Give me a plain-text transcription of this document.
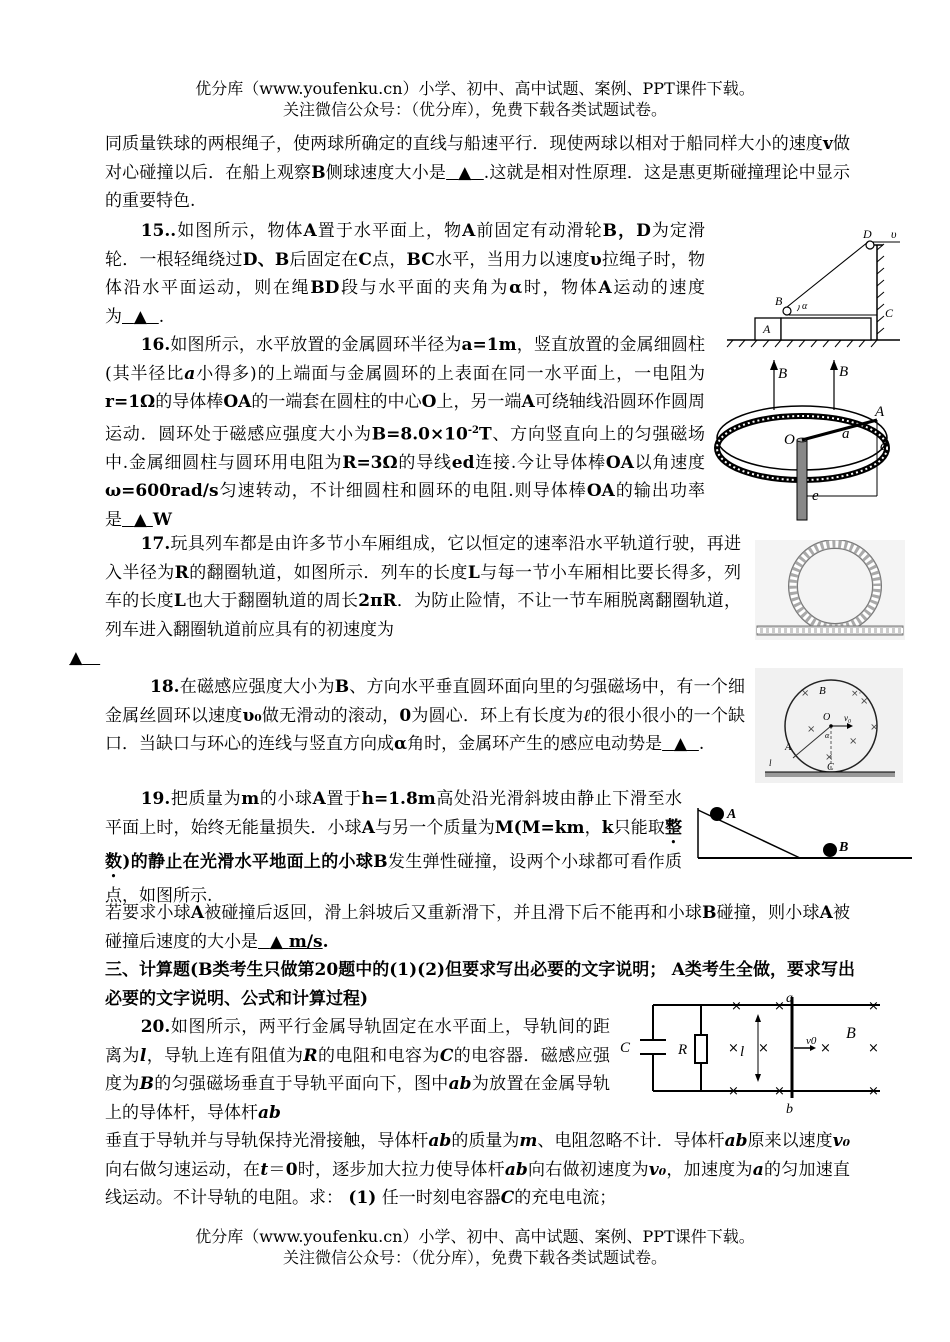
优分库（www.youfenku.cn）小学、初中、高中试题、案例、PPT课件下载。
关注微信公众号：（优分库），免费下载各类试题试卷。
同质量铁球的两根绳子，使两球所确定的直线与船速平行．现使两球以相对于船同样大小的速度v做对心碰撞以后．在船上观察B侧球速度大小是 ▲ .这就是相对性原理．这是惠更斯碰撞理论中显示的重要特色.
15..如图所示，物体A置于水平面上，物A前固定有动滑轮B，D为定滑轮．一根轻绳绕过D、B后固定在C点，BC水平，当用力以速度υ拉绳子时，物体沿水平面运动，则在绳BD段与水平面的夹角为α时，物体A运动的速度为 ▲ .
D υ
B α
A
C
16.如图所示，水平放置的金属圆环半径为a=1m，竖直放置的金属细圆柱(其半径比a小得多)的上端面与金属圆环的上表面在同一水平面上，一电阻为r=1Ω的导体棒OA的一端套在圆柱的中心O上，另一端A可绕轴线沿圆环作圆周运动．圆环处于磁感应强度大小为$B=8.0\times 10^{-2}T$、方向竖直向上的匀强磁场中.金属细圆柱与圆环用电阻为R=3Ω的导线ed连接.今让导体棒OA以角速度ω=600rad/s匀速转动，不计细圆柱和圆环的电阻.则导体棒OA的输出功率是 ▲ W
B	B
A
O	a
d
e
17.玩具列车都是由许多节小车厢组成，它以恒定的速率沿水平轨道行驶，再进入半径为R的翻圈轨道，如图所示．列车的长度L与每一节小车厢相比要长得多，列车的长度L也大于翻圈轨道的周长2πR．为防止险情，不让一节车厢脱离翻圈轨道，列车进入翻圈轨道前应具有的初速度为
▲
18.在磁感应强度大小为B、方向水平垂直圆环面向里的匀强磁场中，有一个细金属丝圆环以速度υ₀做无滑动的滚动，0为圆心．环上有长度为ℓ的很小很小的一个缺口．当缺口与环心的连线与竖直方向成α角时，金属环产生的感应电动势是 ▲ .
×
×
×
×
×
×
×·
B
O v₀
A
C
α
l
19.把质量为m的小球A置于h=1.8m高处沿光滑斜坡由静止下滑至水平面上时，始终无能量损失．小球A与另一个质量为M(M=km，k只能取整数)的静止在光滑水平地面上的小球B发生弹性碰撞，设两个小球都可看作质点，如图所示.
若要求小球A被碰撞后返回，滑上斜坡后又重新滑下，并且滑下后不能再和小球B碰撞，则小球A被碰撞后速度的大小是 ▲ m/s.
A
B
三、计算题(B类考生只做第20题中的(1)(2)但要求写出必要的文字说明； A类考生全做，要求写出必要的文字说明、公式和计算过程)
20.如图所示，两平行金属导轨固定在水平面上，导轨间的距离为l，导轨上连有阻值为R的电阻和电容为C的电容器．磁感应强度为B的匀强磁场垂直于导轨平面向下，图中ab为放置在金属导轨上的导体杆，导体杆ab
垂直于导轨并与导轨保持光滑接触，导体杆ab的质量为m、电阻忽略不计．导体杆ab原来以速度v₀向右做匀速运动，在t＝0时，逐步加大拉力使导体杆ab向右做初速度为v₀，加速度为a的匀加速直线运动。不计导轨的电阻。求： (1) 任一时刻电容器C的充电电流；
× ×	×
× ×	×	×
×	×	×
a
b
C	R	l
v0 B
优分库（www.youfenku.cn）小学、初中、高中试题、案例、PPT课件下载。
关注微信公众号：（优分库），免费下载各类试题试卷。
